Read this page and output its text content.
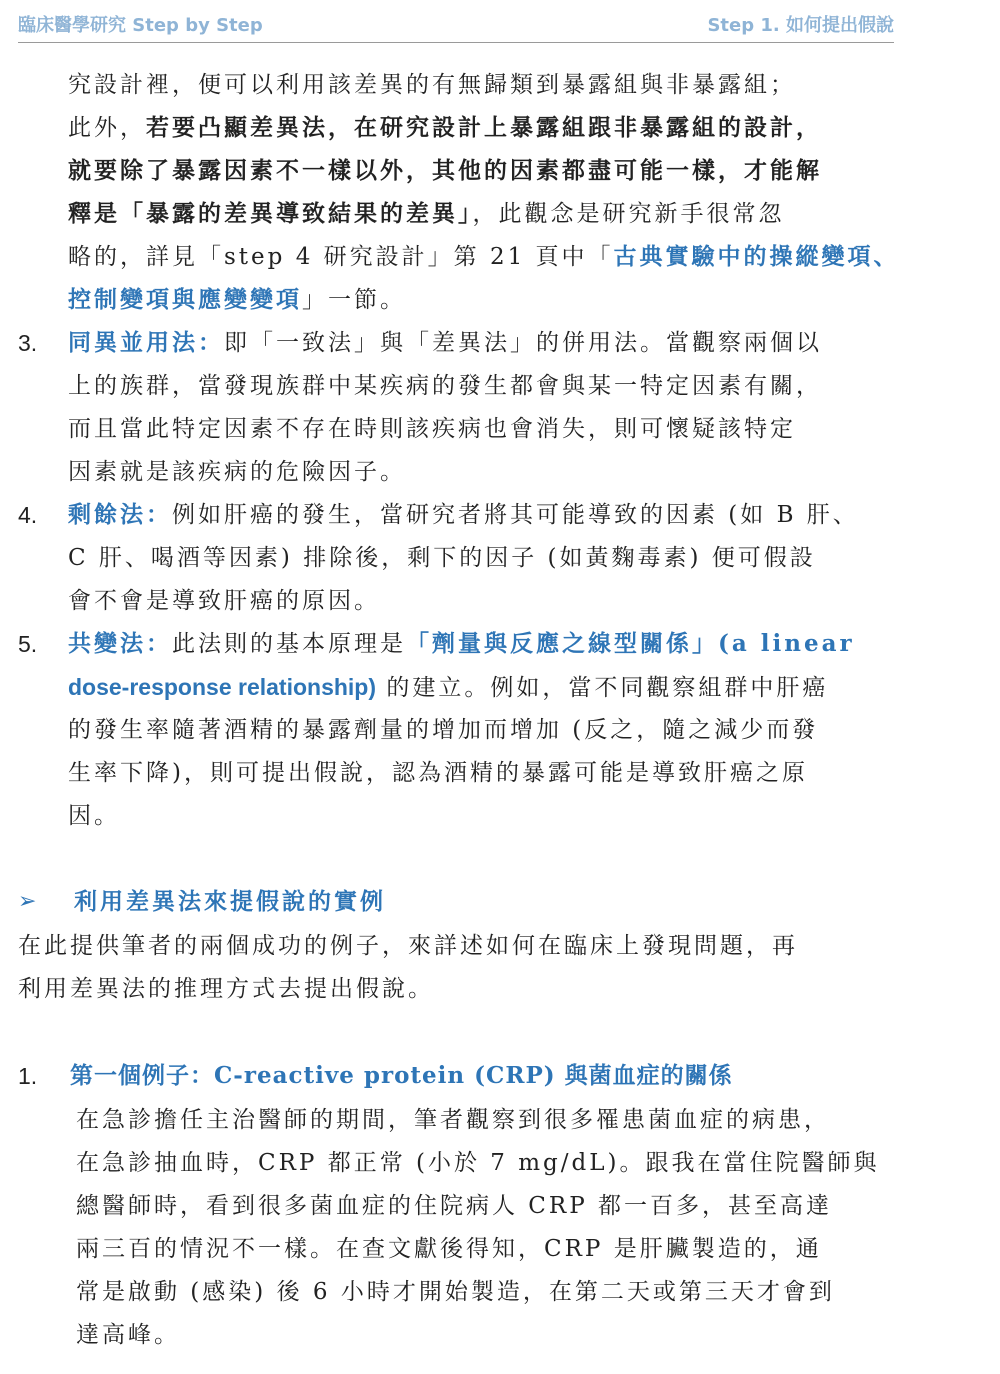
臨床醫學研究 Step by Step	Step 1. 如何提出假說
究設計裡，便可以利用該差異的有無歸類到暴露組與非暴露組；
此外，若要凸顯差異法，在研究設計上暴露組跟非暴露組的設計，
就要除了暴露因素不一樣以外，其他的因素都盡可能一樣，才能解
釋是「暴露的差異導致結果的差異」，此觀念是研究新手很常忽
略的，詳見「step 4 研究設計」第 21 頁中「古典實驗中的操縱變項、
控制變項與應變變項」一節。
3. 同異並用法：即「一致法」與「差異法」的併用法。當觀察兩個以
上的族群，當發現族群中某疾病的發生都會與某一特定因素有關，
而且當此特定因素不存在時則該疾病也會消失，則可懷疑該特定
因素就是該疾病的危險因子。
4. 剩餘法：例如肝癌的發生，當研究者將其可能導致的因素 (如 B 肝、
C 肝、喝酒等因素) 排除後，剩下的因子 (如黃麴毒素) 便可假設
會不會是導致肝癌的原因。
5. 共變法：此法則的基本原理是「劑量與反應之線型關係」(a linear
dose-response relationship) 的建立。例如，當不同觀察組群中肝癌
的發生率隨著酒精的暴露劑量的增加而增加 (反之，隨之減少而發
生率下降)，則可提出假說，認為酒精的暴露可能是導致肝癌之原
因。
➢ 利用差異法來提假說的實例
在此提供筆者的兩個成功的例子，來詳述如何在臨床上發現問題，再
利用差異法的推理方式去提出假說。
1. 第一個例子：C-reactive protein (CRP) 與菌血症的關係
在急診擔任主治醫師的期間，筆者觀察到很多罹患菌血症的病患，
在急診抽血時，CRP 都正常 (小於 7 mg/dL)。跟我在當住院醫師與
總醫師時，看到很多菌血症的住院病人 CRP 都一百多，甚至高達
兩三百的情況不一樣。在查文獻後得知，CRP 是肝臟製造的，通
常是啟動 (感染) 後 6 小時才開始製造，在第二天或第三天才會到
達高峰。
